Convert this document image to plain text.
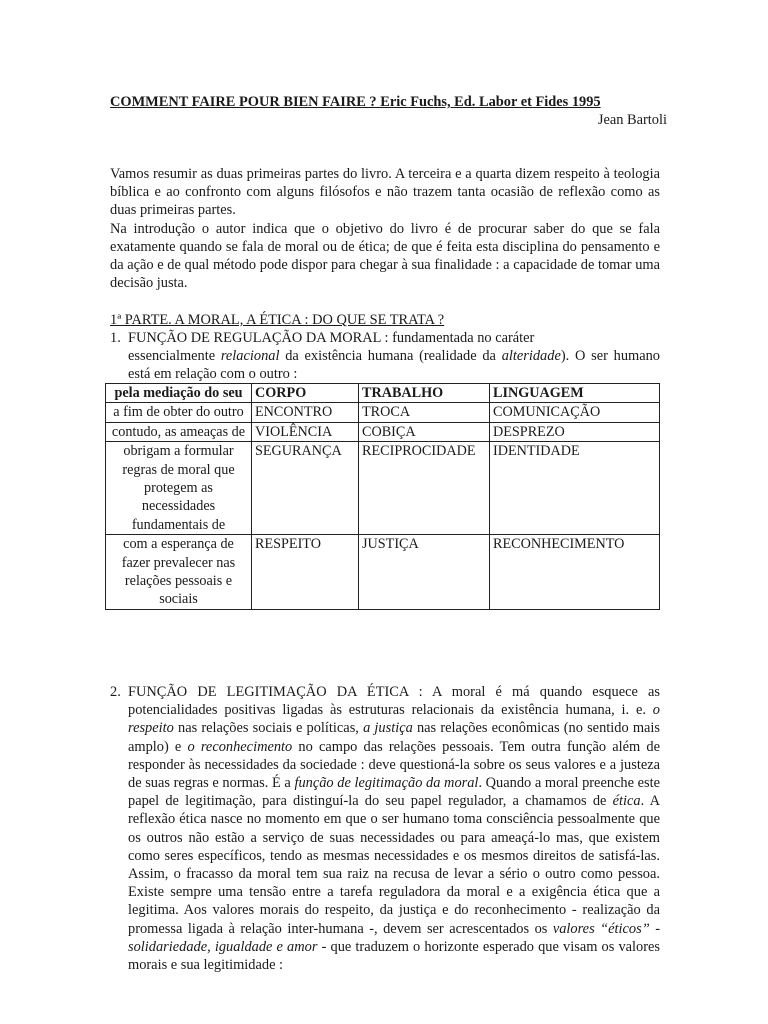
COMMENT FAIRE POUR BIEN FAIRE ? Eric Fuchs, Ed. Labor et Fides 1995
Jean Bartoli

Vamos resumir as duas primeiras partes do livro. A terceira e a quarta dizem respeito à teologia bíblica e ao confronto com alguns filósofos e não trazem tanta ocasião de reflexão como as duas primeiras partes.

Na introdução o autor indica que o objetivo do livro é de procurar saber do que se fala exatamente quando se fala de moral ou de ética; de que é feita esta disciplina do pensamento e da ação e de qual método pode dispor para chegar à sua finalidade : a capacidade de tomar uma decisão justa.

1ª PARTE. A MORAL, A ÉTICA : DO QUE SE TRATA ?
1. FUNÇÃO DE REGULAÇÃO DA MORAL : fundamentada no caráter
essencialmente relacional da existência humana (realidade da alteridade). O ser humano está em relação com o outro :
pela mediação do seu	CORPO	TRABALHO	LINGUAGEM
a fim de obter do outro	ENCONTRO	TROCA	COMUNICAÇÃO
contudo, as ameaças de	VIOLÊNCIA	COBIÇA	DESPREZO
obrigam a formular regras de moral que protegem as necessidades fundamentais de	SEGURANÇA	RECIPROCIDADE	IDENTIDADE
com a esperança de fazer prevalecer nas relações pessoais e sociais	RESPEITO	JUSTIÇA	RECONHECIMENTO
2. FUNÇÃO DE LEGITIMAÇÃO DA ÉTICA : A moral é má quando esquece as potencialidades positivas ligadas às estruturas relacionais da existência humana, i. e. o respeito nas relações sociais e políticas, a justiça nas relações econômicas (no sentido mais amplo) e o reconhecimento no campo das relações pessoais. Tem outra função além de responder às necessidades da sociedade : deve questioná-la sobre os seus valores e a justeza de suas regras e normas. É a função de legitimação da moral. Quando a moral preenche este papel de legitimação, para distinguí-la do seu papel regulador, a chamamos de ética. A reflexão ética nasce no momento em que o ser humano toma consciência pessoalmente que os outros não estão a serviço de suas necessidades ou para ameaçá-lo mas, que existem como seres específicos, tendo as mesmas necessidades e os mesmos direitos de satisfá-las. Assim, o fracasso da moral tem sua raiz na recusa de levar a sério o outro como pessoa. Existe sempre uma tensão entre a tarefa reguladora da moral e a exigência ética que a legitima. Aos valores morais do respeito, da justiça e do reconhecimento - realização da promessa ligada à relação inter-humana -, devem ser acrescentados os valores “éticos” - solidariedade, igualdade e amor - que traduzem o horizonte esperado que visam os valores morais e sua legitimidade :
